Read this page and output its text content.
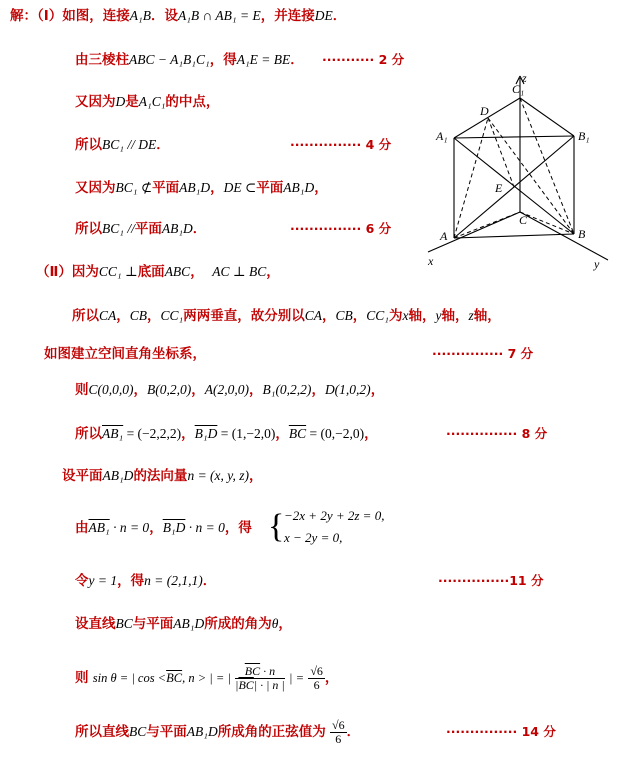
解：（Ⅰ）如图，连接A₁B．设A₁B ∩ AB₁ = E，并连接DE．
由三棱柱ABC − A₁B₁C₁，得A₁E = BE． ··········· 2 分
又因为D是A₁C₁的中点，
所以BC₁ // DE．	··············· 4 分
又因为BC₁ ⊄平面AB₁D，DE ⊂平面AB₁D，
所以BC₁ //平面AB₁D．	··············· 6 分
z
C₁
D
A₁	B₁
E
C
A	B
x	y
（Ⅱ）因为CC₁ ⊥底面ABC， AC ⊥ BC，
所以CA，CB，CC₁两两垂直，故分别以CA，CB，CC₁为x轴，y轴，z轴，
如图建立空间直角坐标系，	··············· 7 分
则C(0,0,0)，B(0,2,0)，A(2,0,0)，B₁(0,2,2)，D(1,0,2)，
所以AB₁ = (−2,2,2)，B₁D = (1,−2,0)，$\overline{BC} = (0,-2,0)$，	··············· 8 分
设平面AB₁D的法向量n = (x, y, z)，
由AB₁ · n = 0，B₁D · n = 0，得 { −2x + 2y + 2z = 0,
x − 2y = 0,
令y = 1，得n = (2,1,1)．	···············11 分
设直线BC与平面AB₁D所成的角为θ，
则 sin θ = | $\cos <\overline{BC}$, n > | = | $\frac{\overline{BC} \cdot n}{|\overline{BC}| \cdot | n |}$ | = $\frac{√6}{6}$ ，
所以直线BC与平面AB₁D所成角的正弦值为 $\frac{√6}{6}$ ．	··············· 14 分
